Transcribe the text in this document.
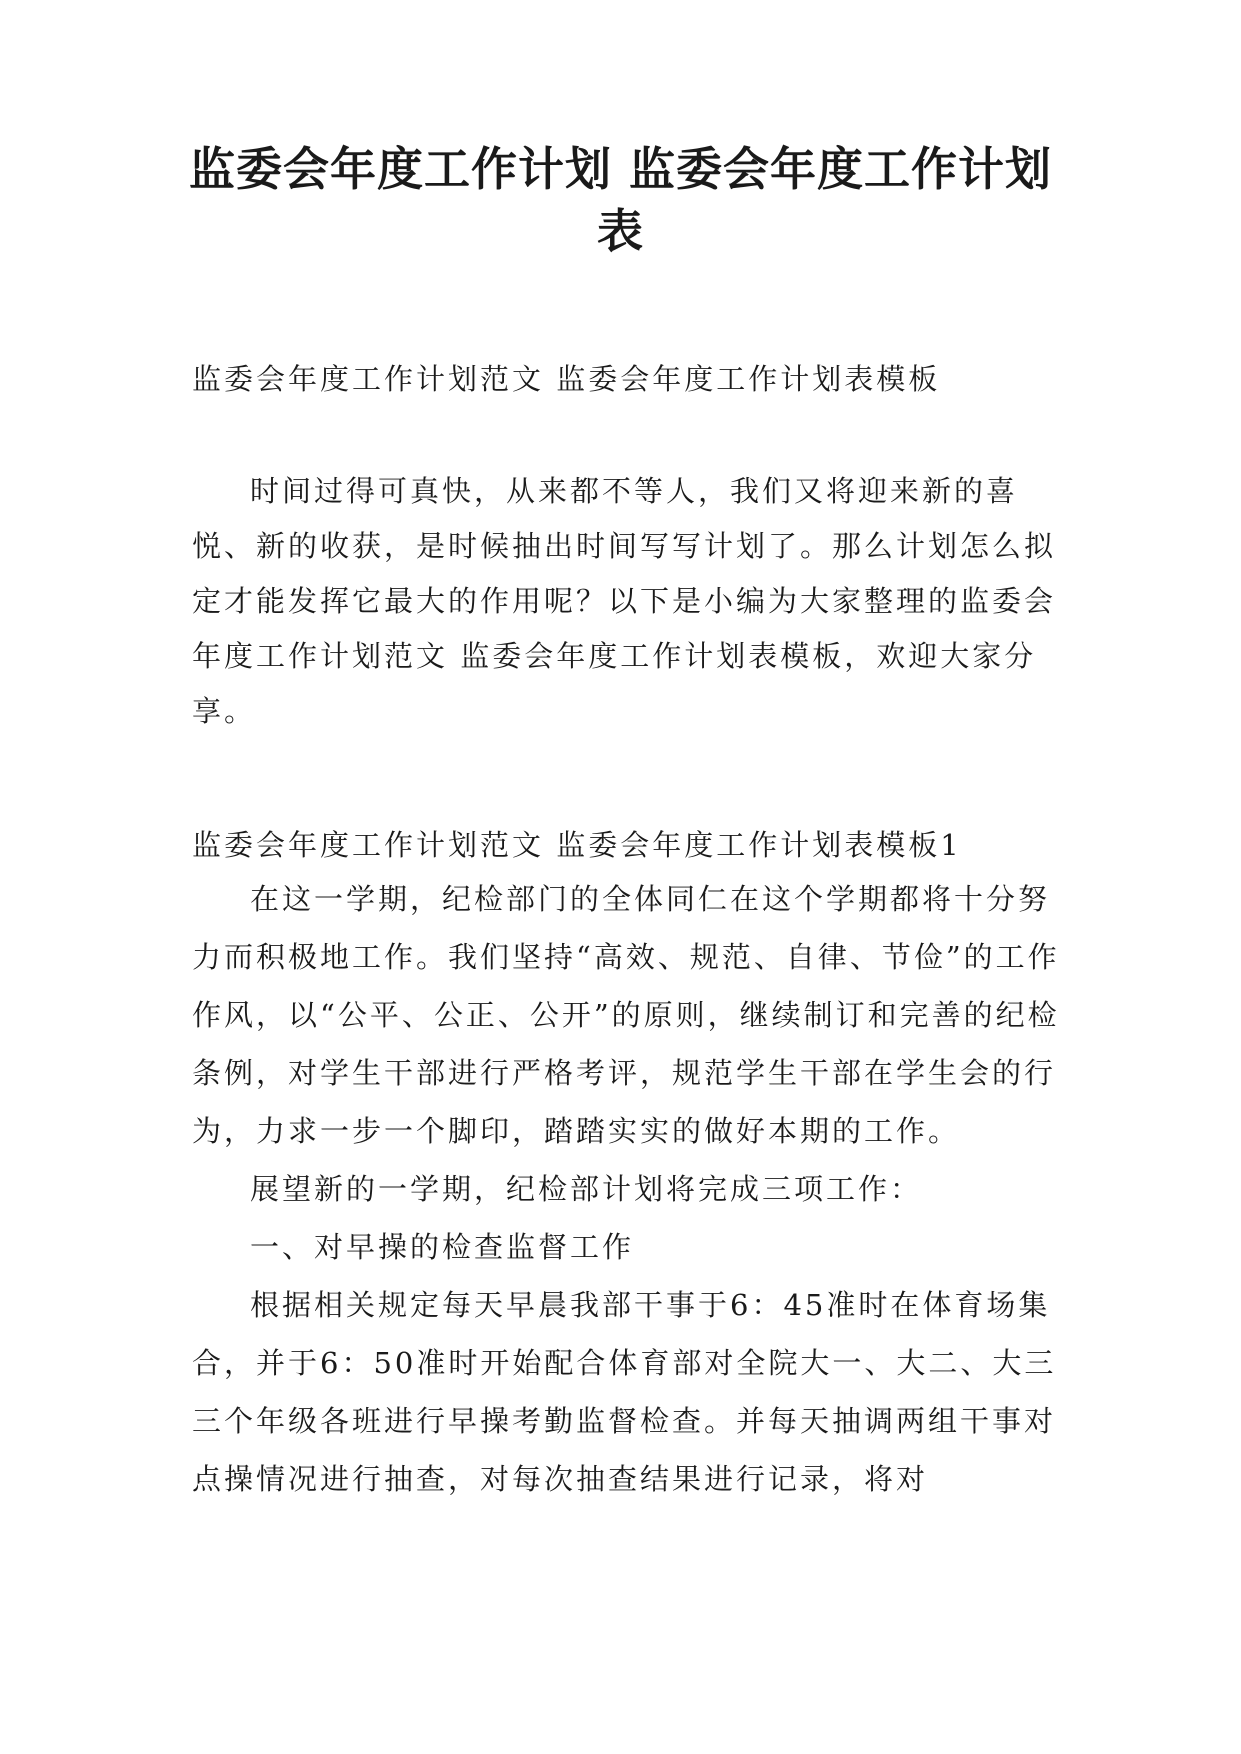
监委会年度工作计划 监委会年度工作计划
表

监委会年度工作计划范文 监委会年度工作计划表模板

时间过得可真快，从来都不等人，我们又将迎来新的喜悦、新的收获，是时候抽出时间写写计划了。那么计划怎么拟定才能发挥它最大的作用呢？以下是小编为大家整理的监委会年度工作计划范文 监委会年度工作计划表模板，欢迎大家分享。

监委会年度工作计划范文 监委会年度工作计划表模板1

在这一学期，纪检部门的全体同仁在这个学期都将十分努力而积极地工作。我们坚持“高效、规范、自律、节俭”的工作作风，以“公平、公正、公开”的原则，继续制订和完善的纪检条例，对学生干部进行严格考评，规范学生干部在学生会的行为，力求一步一个脚印，踏踏实实的做好本期的工作。

展望新的一学期，纪检部计划将完成三项工作：

一、对早操的检查监督工作

根据相关规定每天早晨我部干事于6：45准时在体育场集合，并于6：50准时开始配合体育部对全院大一、大二、大三三个年级各班进行早操考勤监督检查。并每天抽调两组干事对点操情况进行抽查，对每次抽查结果进行记录，将对
